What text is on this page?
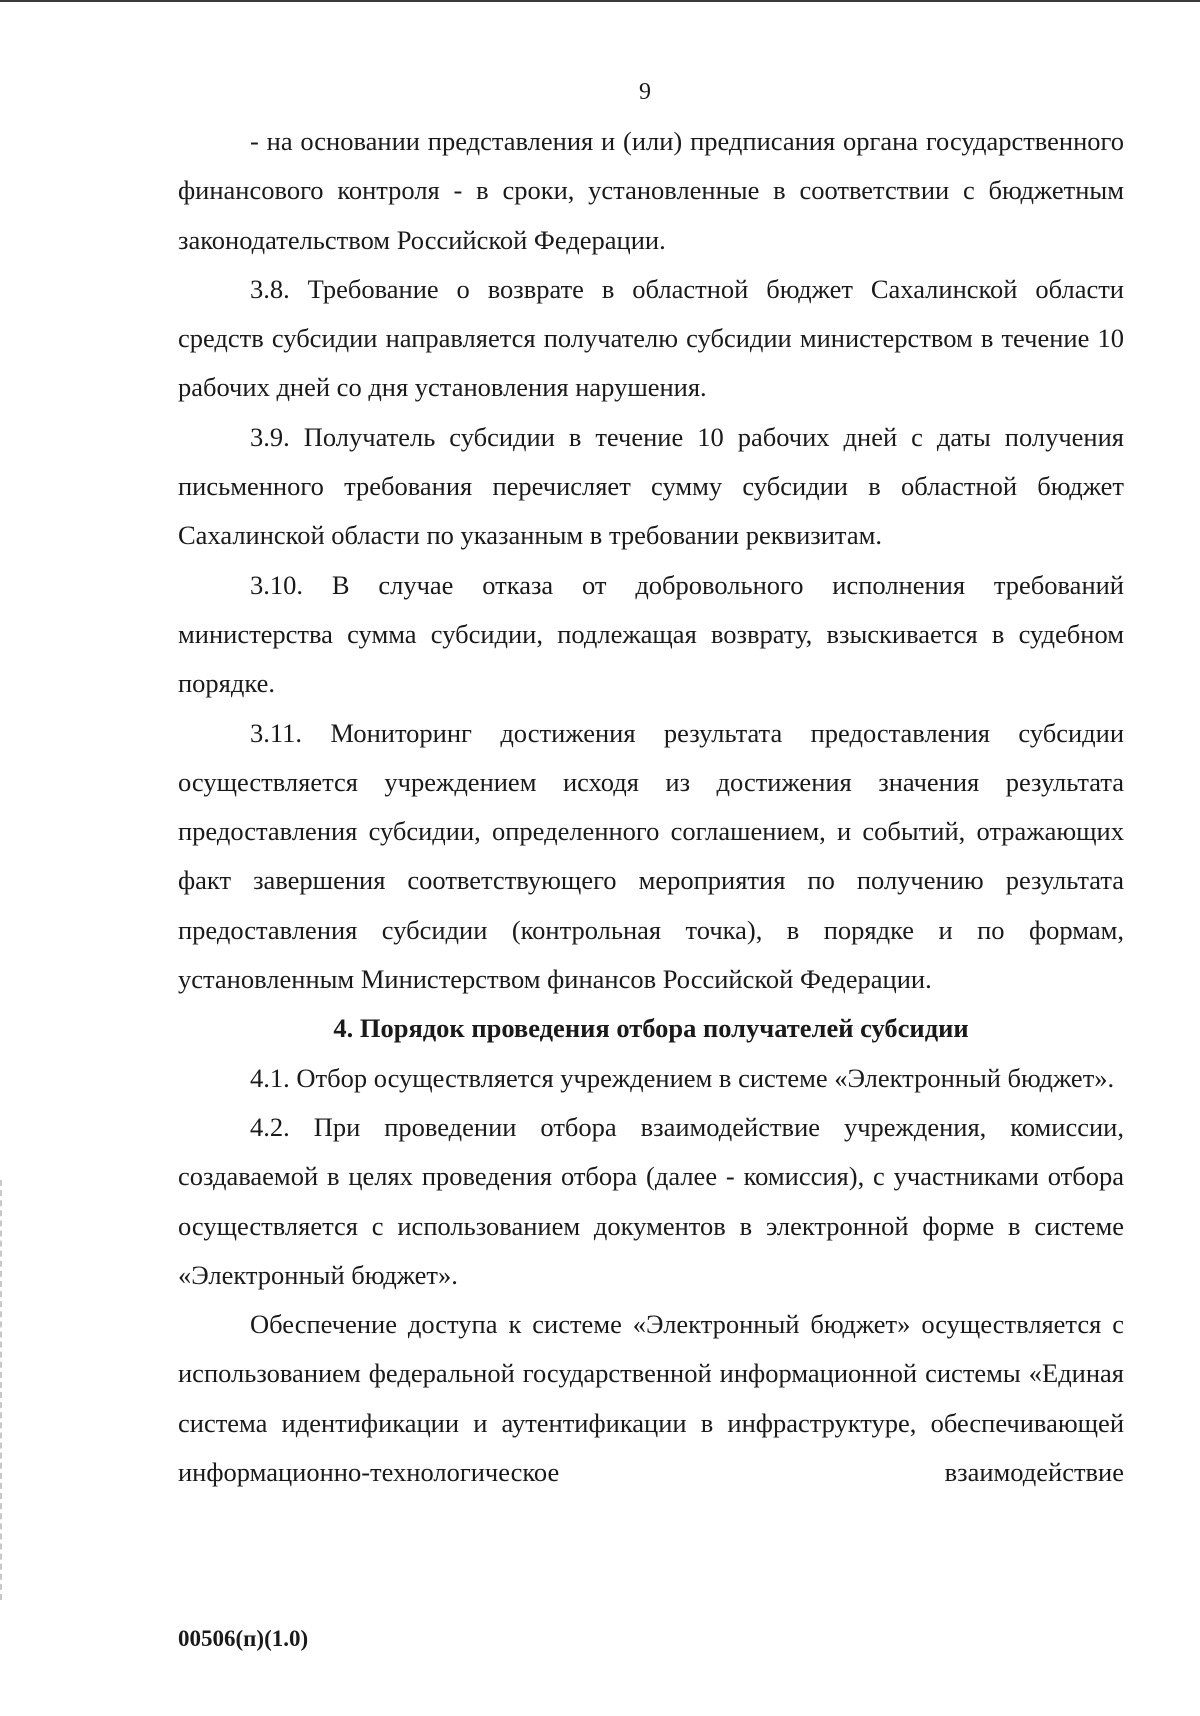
9

- на основании представления и (или) предписания органа государственного финансового контроля - в сроки, установленные в соответствии с бюджетным законодательством Российской Федерации.

3.8. Требование о возврате в областной бюджет Сахалинской области средств субсидии направляется получателю субсидии министерством в течение 10 рабочих дней со дня установления нарушения.

3.9. Получатель субсидии в течение 10 рабочих дней с даты получения письменного требования перечисляет сумму субсидии в областной бюджет Сахалинской области по указанным в требовании реквизитам.

3.10. В случае отказа от добровольного исполнения требований министерства сумма субсидии, подлежащая возврату, взыскивается в судебном порядке.

3.11. Мониторинг достижения результата предоставления субсидии осуществляется учреждением исходя из достижения значения результата предоставления субсидии, определенного соглашением, и событий, отражающих факт завершения соответствующего мероприятия по получению результата предоставления субсидии (контрольная точка), в порядке и по формам, установленным Министерством финансов Российской Федерации.

4. Порядок проведения отбора получателей субсидии

4.1. Отбор осуществляется учреждением в системе «Электронный бюджет».

4.2. При проведении отбора взаимодействие учреждения, комиссии, создаваемой в целях проведения отбора (далее - комиссия), с участниками отбора осуществляется с использованием документов в электронной форме в системе «Электронный бюджет».

Обеспечение доступа к системе «Электронный бюджет» осуществляется с использованием федеральной государственной информационной системы «Единая система идентификации и аутентификации в инфраструктуре, обеспечивающей информационно-технологическое взаимодействие

00506(п)(1.0)
